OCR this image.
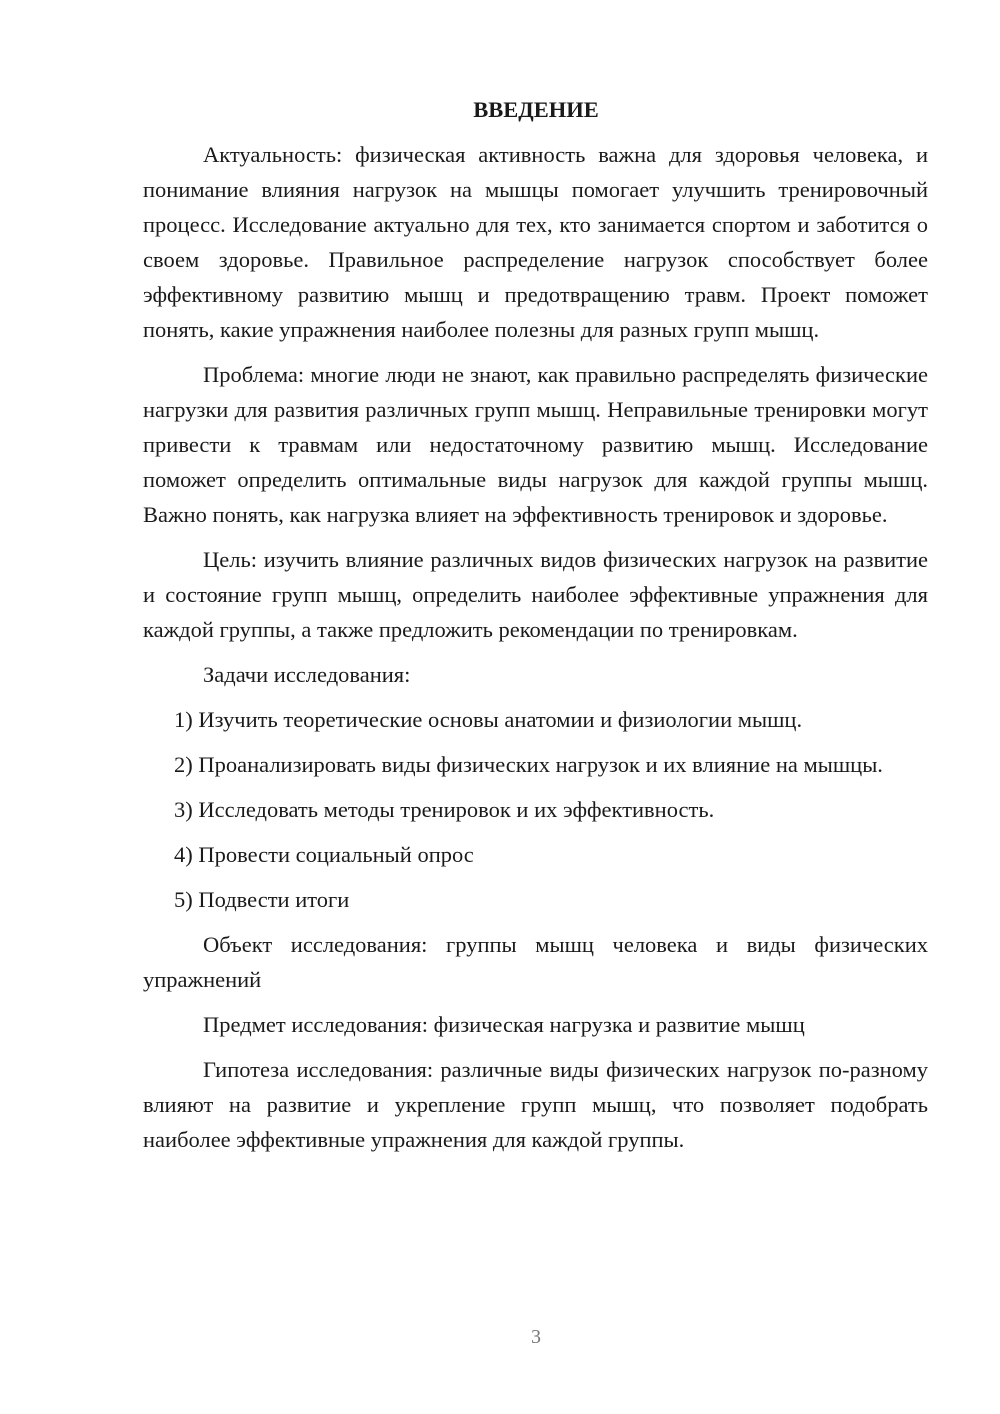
ВВЕДЕНИЕ

Актуальность: физическая активность важна для здоровья человека, и понимание влияния нагрузок на мышцы помогает улучшить тренировочный процесс. Исследование актуально для тех, кто занимается спортом и заботится о своем здоровье. Правильное распределение нагрузок способствует более эффективному развитию мышц и предотвращению травм. Проект поможет понять, какие упражнения наиболее полезны для разных групп мышц.

Проблема: многие люди не знают, как правильно распределять физические нагрузки для развития различных групп мышц. Неправильные тренировки могут привести к травмам или недостаточному развитию мышц. Исследование поможет определить оптимальные виды нагрузок для каждой группы мышц. Важно понять, как нагрузка влияет на эффективность тренировок и здоровье.

Цель: изучить влияние различных видов физических нагрузок на развитие и состояние групп мышц, определить наиболее эффективные упражнения для каждой группы, а также предложить рекомендации по тренировкам.

Задачи исследования:

1) Изучить теоретические основы анатомии и физиологии мышц.

2) Проанализировать виды физических нагрузок и их влияние на мышцы.

3) Исследовать методы тренировок и их эффективность.

4) Провести социальный опрос

5) Подвести итоги

Объект исследования: группы мышц человека и виды физических упражнений

Предмет исследования: физическая нагрузка и развитие мышц

Гипотеза исследования: различные виды физических нагрузок по-разному влияют на развитие и укрепление групп мышц, что позволяет подобрать наиболее эффективные упражнения для каждой группы.

3
